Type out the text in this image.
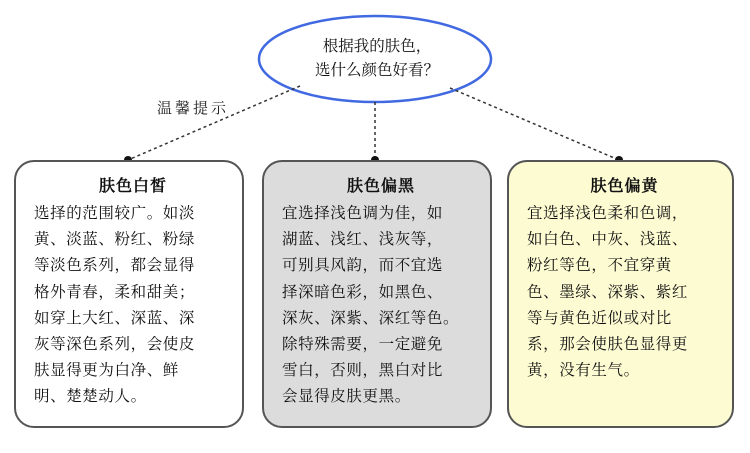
根据我的肤色，
选什么颜色好看？
温馨提示
肤色白皙
选择的范围较广。如淡
黄、淡蓝、粉红、粉绿
等淡色系列，都会显得
格外青春，柔和甜美；
如穿上大红、深蓝、深
灰等深色系列，会使皮
肤显得更为白净、鲜
明、楚楚动人。
肤色偏黑
宜选择浅色调为佳，如
湖蓝、浅红、浅灰等，
可别具风韵，而不宜选
择深暗色彩，如黑色、
深灰、深紫、深红等色。
除特殊需要，一定避免
雪白，否则，黑白对比
会显得皮肤更黑。
肤色偏黄
宜选择浅色柔和色调，
如白色、中灰、浅蓝、
粉红等色，不宜穿黄
色、墨绿、深紫、紫红
等与黄色近似或对比
系，那会使肤色显得更
黄，没有生气。
